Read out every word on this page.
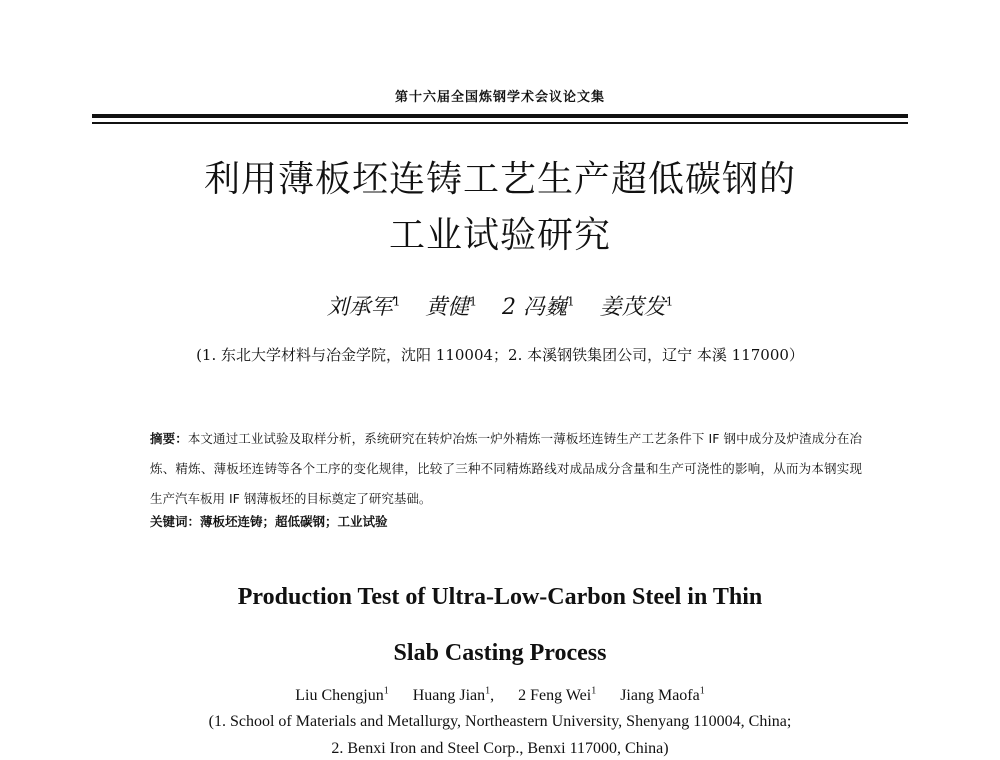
第十六届全国炼钢学术会议论文集
利用薄板坯连铸工艺生产超低碳钢的
工业试验研究
刘承军$^1$ 黄健$^1$ 2 冯巍$^1$ 姜茂发$^1$
(1. 东北大学材料与冶金学院，沈阳 110004；2. 本溪钢铁集团公司，辽宁 本溪 117000）
摘要：本文通过工业试验及取样分析，系统研究在转炉冶炼一炉外精炼一薄板坯连铸生产工艺条件下 IF 钢中成分及炉渣成分在冶炼、精炼、薄板坯连铸等各个工序的变化规律，比较了三种不同精炼路线对成品成分含量和生产可浇性的影响，从而为本钢实现生产汽车板用 IF 钢薄板坯的目标奠定了研究基础。
关键词：薄板坯连铸；超低碳钢；工业试验
Production Test of Ultra-Low-Carbon Steel in Thin
Slab Casting Process
Liu Chengjun$^1$ Huang Jian$^1$, 2 Feng Wei$^1$ Jiang Maofa$^1$
(1. School of Materials and Metallurgy, Northeastern University, Shenyang 110004, China;
2. Benxi Iron and Steel Corp., Benxi 117000, China)
